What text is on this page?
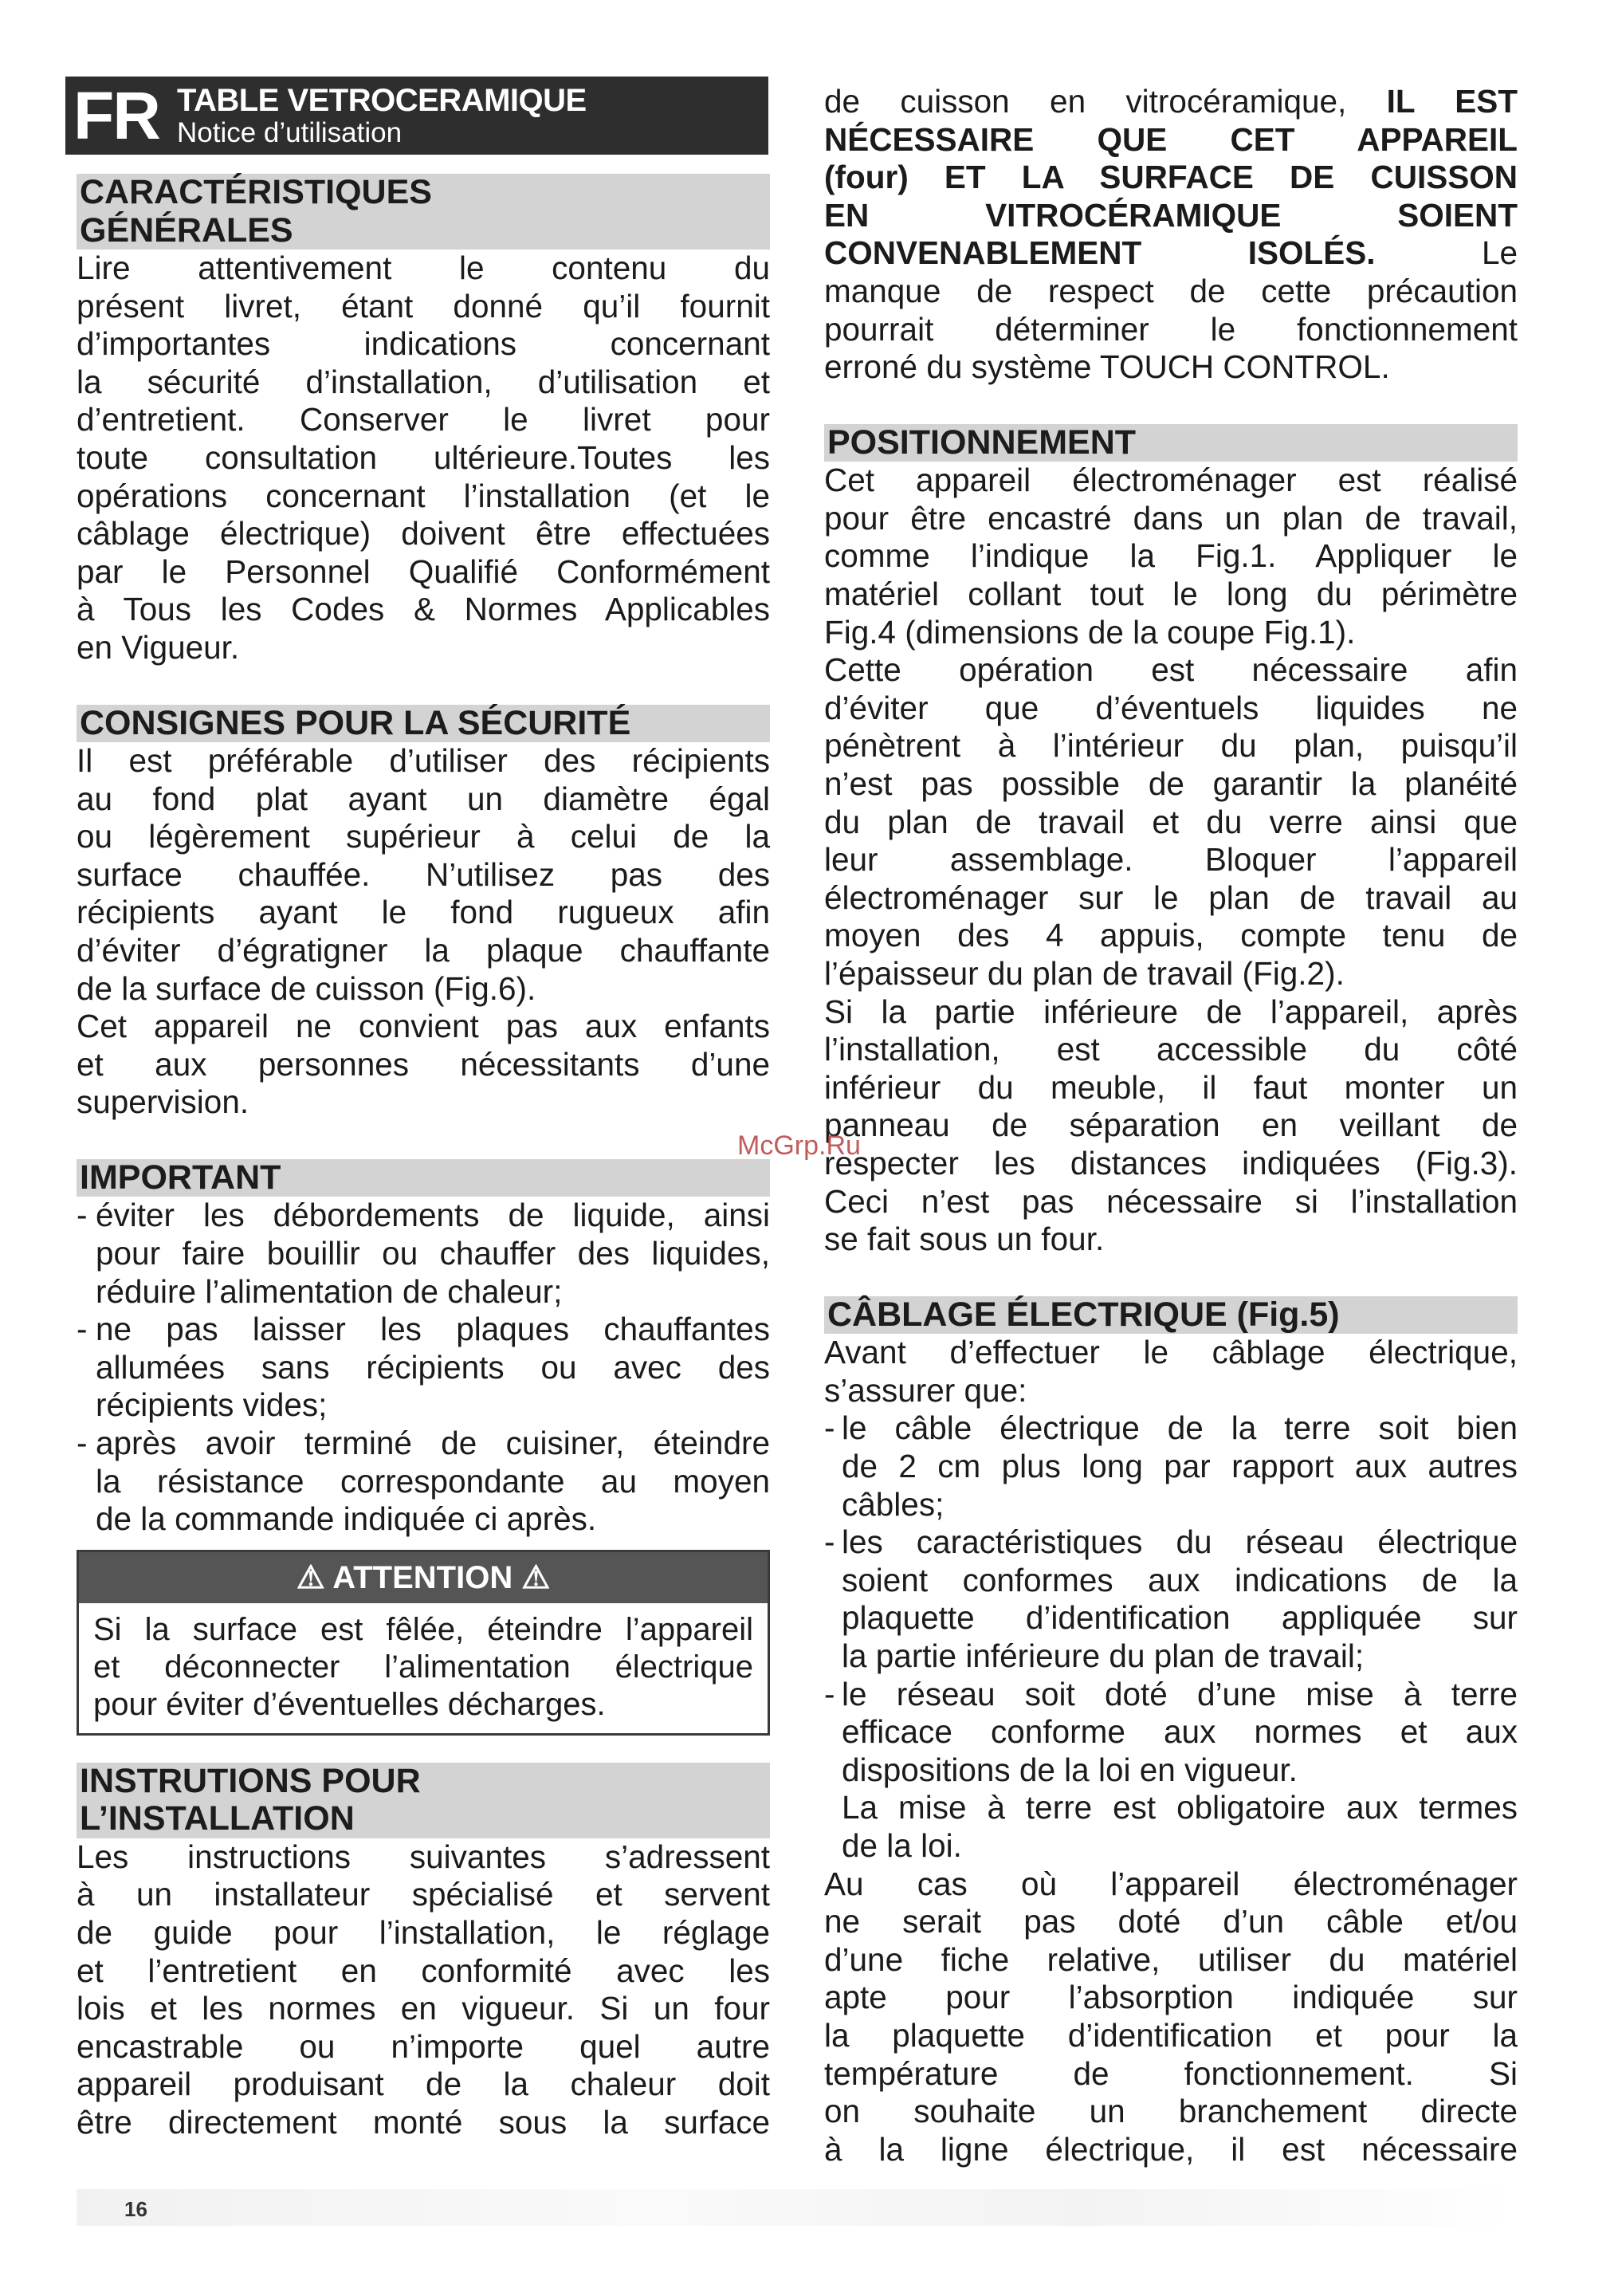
FR TABLE VETROCERAMIQUE
Notice d’utilisation
CARACTÉRISTIQUES
GÉNÉRALES

Lire attentivement le contenu du

présent livret, étant donné qu’il fournit

d’importantes indications concernant

la sécurité d’installation, d’utilisation et

d’entretient. Conserver le livret pour

toute consultation ultérieure.Toutes les

opérations concernant l’installation (et le

câblage électrique) doivent être effectuées

par le Personnel Qualifié Conformément

à Tous les Codes & Normes Applicables

en Vigueur.

CONSIGNES POUR LA SÉCURITÉ

Il est préférable d’utiliser des récipients

au fond plat ayant un diamètre égal

ou légèrement supérieur à celui de la

surface chauffée. N’utilisez pas des

récipients ayant le fond rugueux afin

d’éviter d’égratigner la plaque chauffante

de la surface de cuisson (Fig.6).

Cet appareil ne convient pas aux enfants

et aux personnes nécessitants d’une

supervision.

IMPORTANT
- éviter les débordements de liquide, ainsi

pour faire bouillir ou chauffer des liquides,

réduire l’alimentation de chaleur;

- ne pas laisser les plaques chauffantes

allumées sans récipients ou avec des

récipients vides;

- après avoir terminé de cuisiner, éteindre

la résistance correspondante au moyen

de la commande indiquée ci après.

⚠ ATTENTION ⚠

Si la surface est fêlée, éteindre l’appareil

et déconnecter l’alimentation électrique

pour éviter d’éventuelles décharges.

INSTRUTIONS POUR
L’INSTALLATION

Les instructions suivantes s’adressent

à un installateur spécialisé et servent

de guide pour l’installation, le réglage

et l’entretient en conformité avec les

lois et les normes en vigueur. Si un four

encastrable ou n’importe quel autre

appareil produisant de la chaleur doit

être directement monté sous la surface

de cuisson en vitrocéramique, IL EST

NÉCESSAIRE QUE CET APPAREIL

(four) ET LA SURFACE DE CUISSON

EN VITROCÉRAMIQUE SOIENT

CONVENABLEMENT ISOLÉS.	Le

manque de respect de cette précaution

pourrait déterminer le fonctionnement

erroné du système TOUCH CONTROL.

POSITIONNEMENT

Cet appareil électroménager est réalisé

pour être encastré dans un plan de travail,

comme l’indique la Fig.1. Appliquer le

matériel collant tout le long du périmètre

Fig.4 (dimensions de la coupe Fig.1).

Cette opération est nécessaire afin

d’éviter que d’éventuels liquides ne

pénètrent à l’intérieur du plan, puisqu’il

n’est pas possible de garantir la planéité

du plan de travail et du verre ainsi que

leur assemblage. Bloquer l’appareil

électroménager sur le plan de travail au

moyen des 4 appuis, compte tenu de

l’épaisseur du plan de travail (Fig.2).

Si la partie inférieure de l’appareil, après

l’installation, est accessible du côté

inférieur du meuble, il faut monter un

panneau de séparation en veillant de

respecter les distances indiquées (Fig.3).

Ceci n’est pas nécessaire si l’installation

se fait sous un four.

CÂBLAGE ÉLECTRIQUE (Fig.5)

Avant d’effectuer le câblage électrique,

s’assurer que:

- le câble électrique de la terre soit bien

de 2 cm plus long par rapport aux autres

câbles;

- les caractéristiques du réseau électrique

soient conformes aux indications de la

plaquette d’identification appliquée sur

la partie inférieure du plan de travail;

- le réseau soit doté d’une mise à terre

efficace conforme aux normes et aux

dispositions de la loi en vigueur.

La mise à terre est obligatoire aux termes

de la loi.

Au cas où l’appareil électroménager

ne serait pas doté d’un câble et/ou

d’une fiche relative, utiliser du matériel

apte pour l’absorption indiquée sur

la plaquette d’identification et pour la

température de fonctionnement. Si

on souhaite un branchement directe

à la ligne électrique, il est nécessaire

McGrp.Ru
16
